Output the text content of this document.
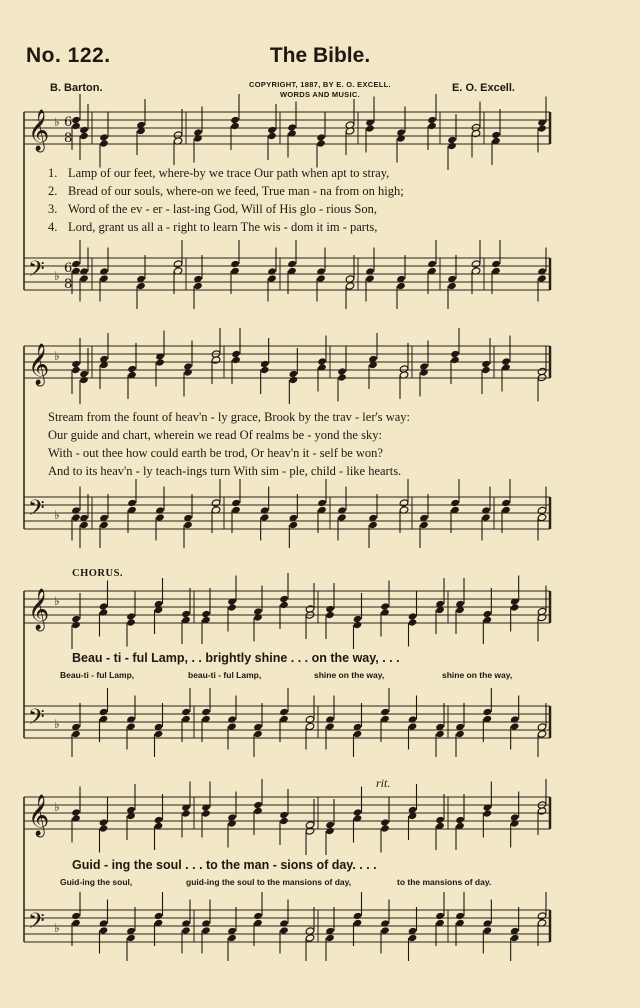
No. 122.	The Bible.
B. Barton.	COPYRIGHT, 1887, BY E. O. EXCELL.
WORDS AND MUSIC.
E. O. Excell.
𝄞
𝄢
♭
♭
6
8
6
8
𝄞
𝄢
♭
♭
𝄞
𝄢
♭
♭
𝄞
𝄢
♭
♭
1. Lamp of our feet, where-by we trace Our path when apt to stray,
2. Bread of our souls, where-on we feed, True man - na from on high;
3. Word of the ev - er - last-ing God, Will of His glo - rious Son,
4. Lord, grant us all a - right to learn The wis - dom it im - parts,
Stream from the fount of heav'n - ly grace, Brook by the trav - ler's way:
Our guide and chart, wherein we read Of realms be - yond the sky:
With - out thee how could earth be trod, Or heav'n it - self be won?
And to its heav'n - ly teach-ings turn With sim - ple, child - like hearts.
CHORUS.
Beau - ti - ful Lamp, . . brightly shine . . . on the way, . . .
Beau-ti - ful Lamp,	beau-ti - ful Lamp,	shine on the way,	shine on the way,
rit.
Guid - ing the soul . . . to the man - sions of day. . . .
Guid-ing the soul,	guid-ing the soul to the mansions of day,	to the mansions of day.
